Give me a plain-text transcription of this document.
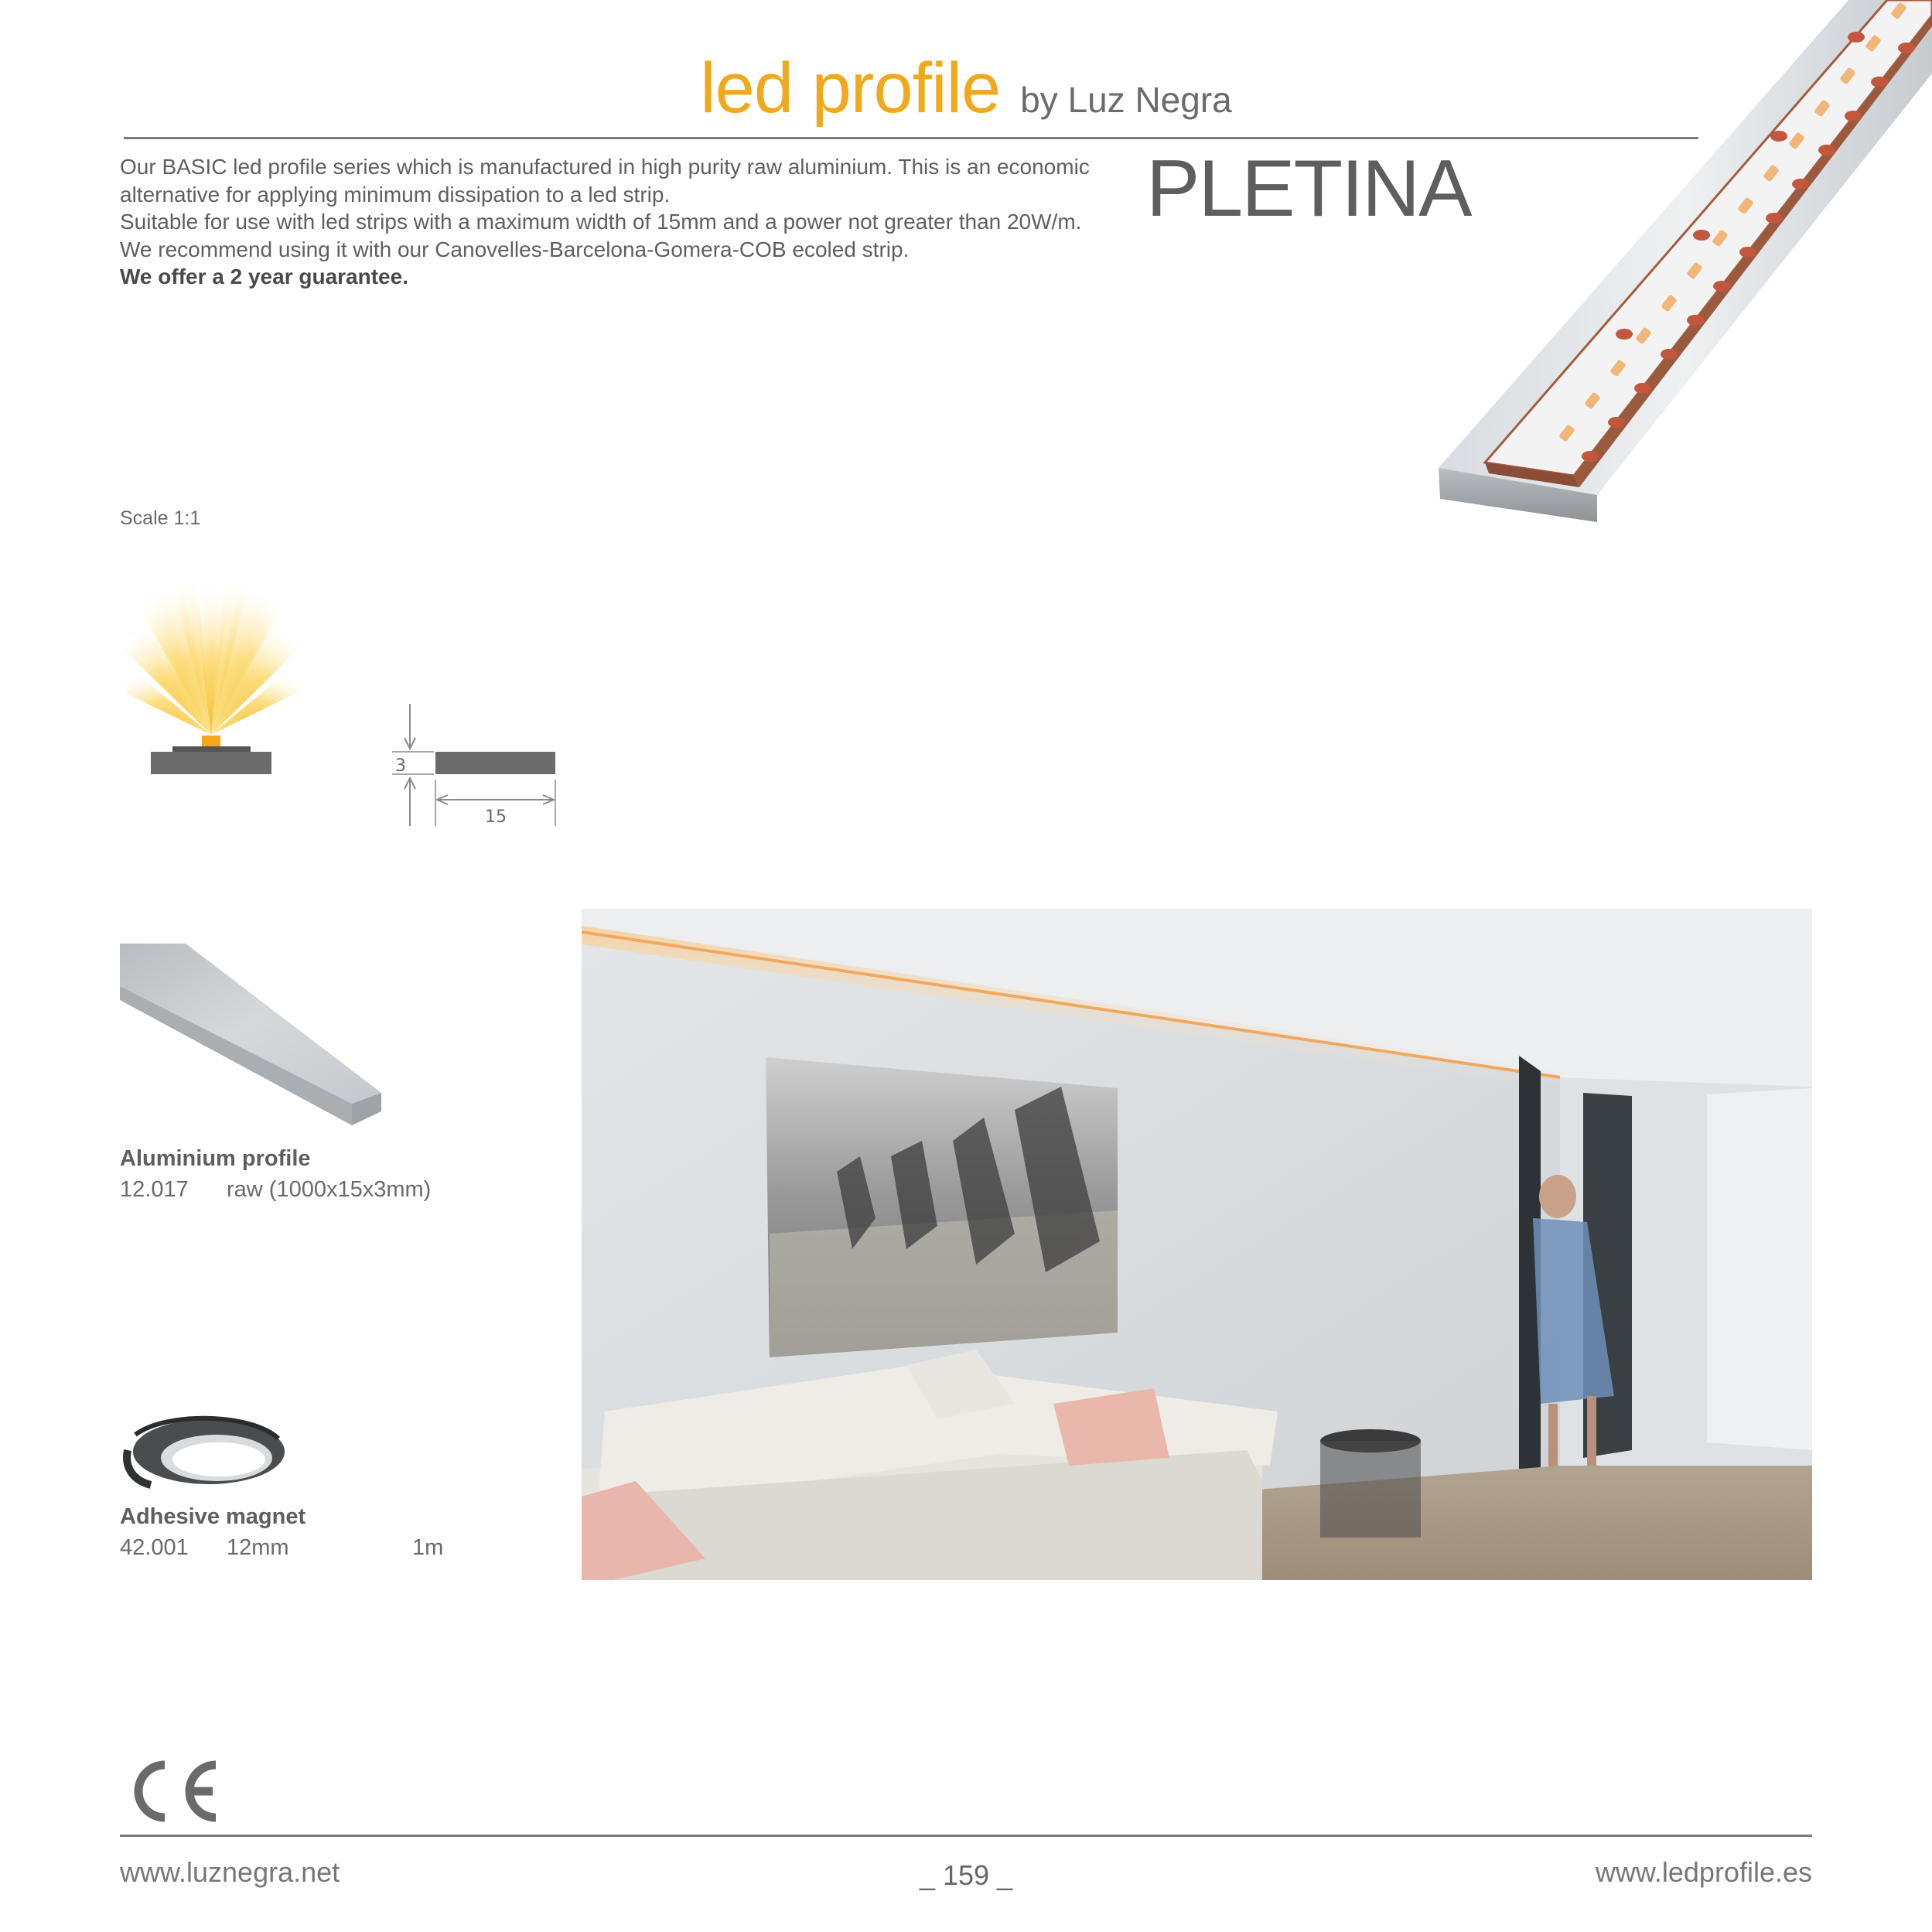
led profile by Luz Negra

Our BASIC led profile series which is manufactured in high purity raw aluminium. This is an economic alternative for applying minimum dissipation to a led strip.

Suitable for use with led strips with a maximum width of 15mm and a power not greater than 20W/m.

We recommend using it with our Canovelles-Barcelona-Gomera-COB ecoled strip.

We offer a 2 year guarantee.

PLETINA
Scale 1:1
3
15
Aluminium profile
12.017 raw (1000x15x3mm)
Adhesive magnet
42.001 12mm	1m
www.luznegra.net	_ 159 _	www.ledprofile.es
